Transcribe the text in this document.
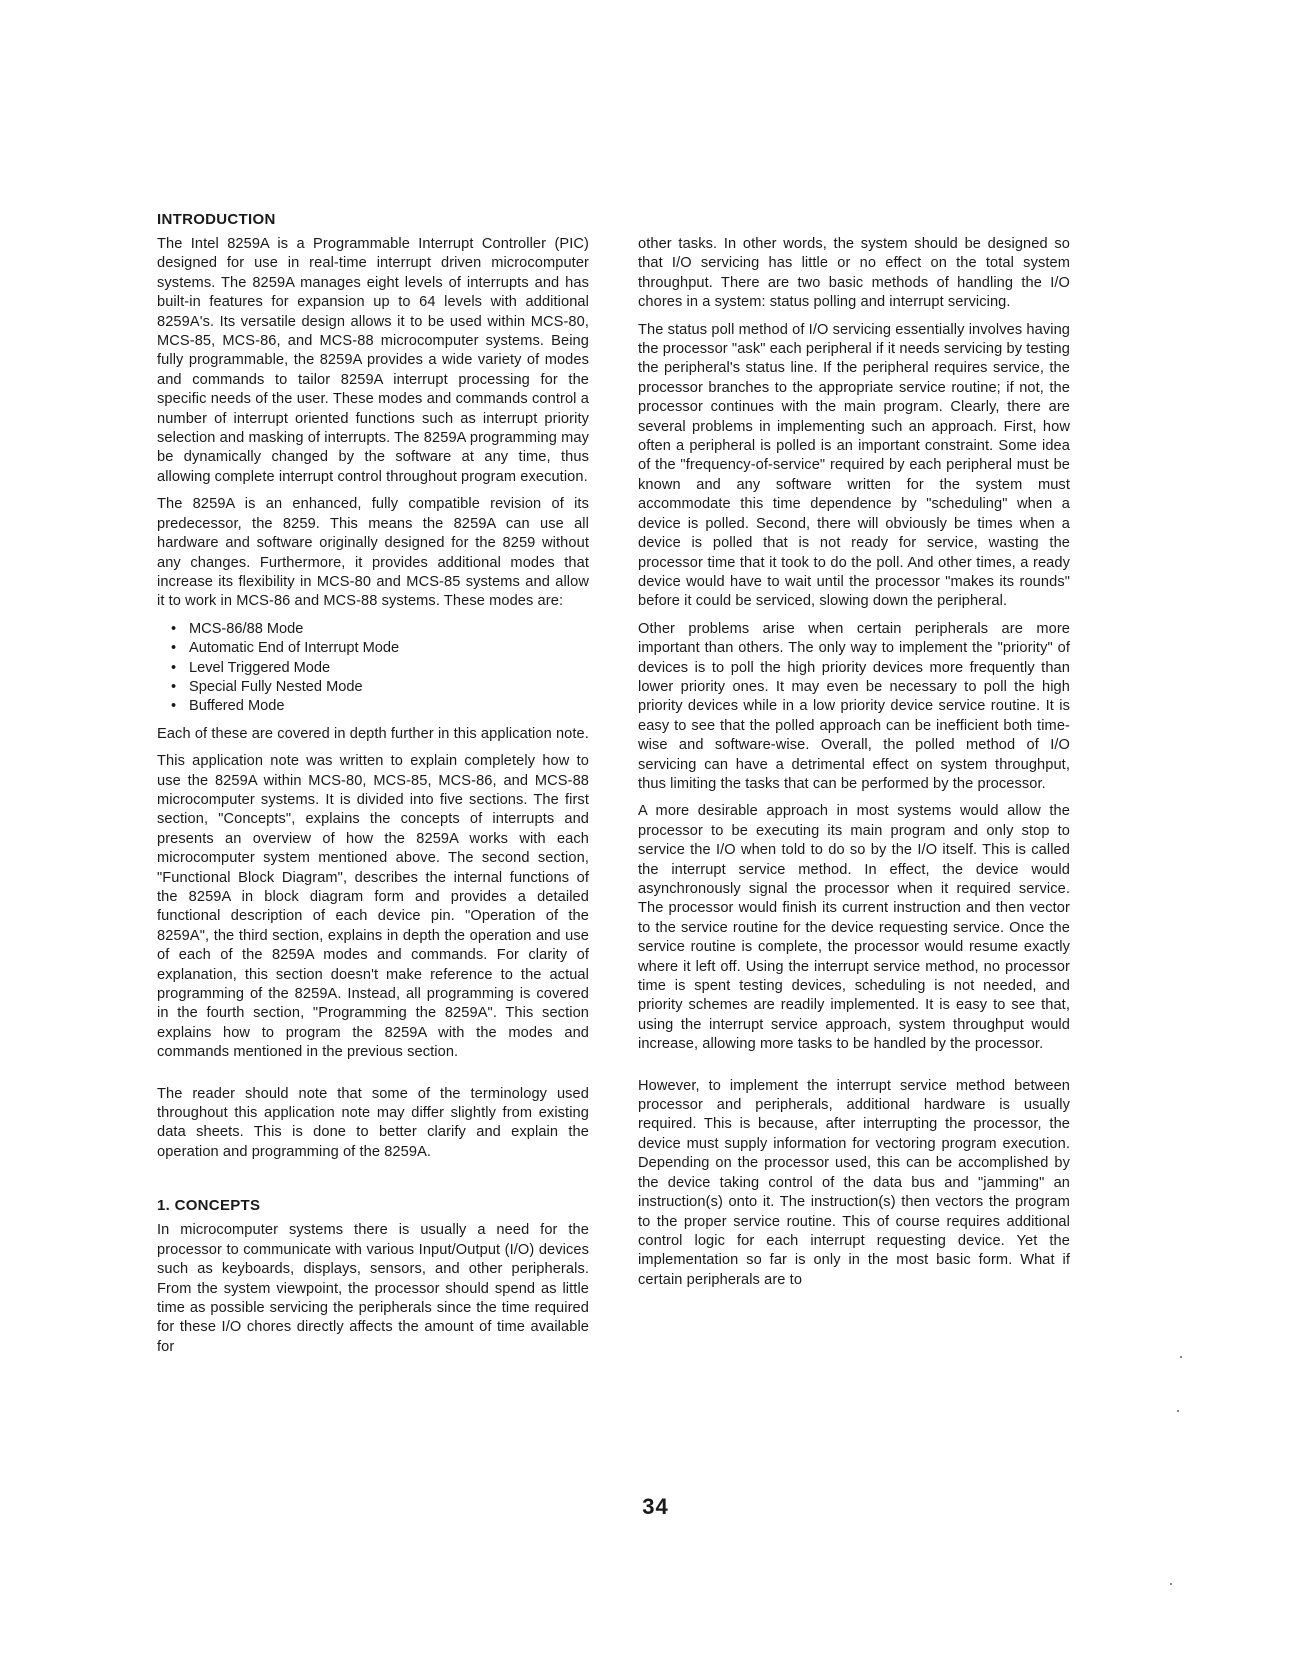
INTRODUCTION

The Intel 8259A is a Programmable Interrupt Controller (PIC) designed for use in real-time interrupt driven microcomputer systems. The 8259A manages eight levels of interrupts and has built-in features for expansion up to 64 levels with additional 8259A's. Its versatile design allows it to be used within MCS-80, MCS-85, MCS-86, and MCS-88 microcomputer systems. Being fully programmable, the 8259A provides a wide variety of modes and commands to tailor 8259A interrupt processing for the specific needs of the user. These modes and commands control a number of interrupt oriented functions such as interrupt priority selection and masking of interrupts. The 8259A programming may be dynamically changed by the software at any time, thus allowing complete interrupt control throughout program execution.

The 8259A is an enhanced, fully compatible revision of its predecessor, the 8259. This means the 8259A can use all hardware and software originally designed for the 8259 without any changes. Furthermore, it provides additional modes that increase its flexibility in MCS-80 and MCS-85 systems and allow it to work in MCS-86 and MCS-88 systems. These modes are:

• MCS-86/88 Mode
• Automatic End of Interrupt Mode
• Level Triggered Mode
• Special Fully Nested Mode
• Buffered Mode

Each of these are covered in depth further in this application note.

This application note was written to explain completely how to use the 8259A within MCS-80, MCS-85, MCS-86, and MCS-88 microcomputer systems. It is divided into five sections. The first section, "Concepts", explains the concepts of interrupts and presents an overview of how the 8259A works with each microcomputer system mentioned above. The second section, "Functional Block Diagram", describes the internal functions of the 8259A in block diagram form and provides a detailed functional description of each device pin. "Operation of the 8259A", the third section, explains in depth the operation and use of each of the 8259A modes and commands. For clarity of explanation, this section doesn't make reference to the actual programming of the 8259A. Instead, all programming is covered in the fourth section, "Programming the 8259A". This section explains how to program the 8259A with the modes and commands mentioned in the previous section.

The reader should note that some of the terminology used throughout this application note may differ slightly from existing data sheets. This is done to better clarify and explain the operation and programming of the 8259A.

1. CONCEPTS

In microcomputer systems there is usually a need for the processor to communicate with various Input/Output (I/O) devices such as keyboards, displays, sensors, and other peripherals. From the system viewpoint, the processor should spend as little time as possible servicing the peripherals since the time required for these I/O chores directly affects the amount of time available for

other tasks. In other words, the system should be designed so that I/O servicing has little or no effect on the total system throughput. There are two basic methods of handling the I/O chores in a system: status polling and interrupt servicing.

The status poll method of I/O servicing essentially involves having the processor "ask" each peripheral if it needs servicing by testing the peripheral's status line. If the peripheral requires service, the processor branches to the appropriate service routine; if not, the processor continues with the main program. Clearly, there are several problems in implementing such an approach. First, how often a peripheral is polled is an important constraint. Some idea of the "frequency-of-service" required by each peripheral must be known and any software written for the system must accommodate this time dependence by "scheduling" when a device is polled. Second, there will obviously be times when a device is polled that is not ready for service, wasting the processor time that it took to do the poll. And other times, a ready device would have to wait until the processor "makes its rounds" before it could be serviced, slowing down the peripheral.

Other problems arise when certain peripherals are more important than others. The only way to implement the "priority" of devices is to poll the high priority devices more frequently than lower priority ones. It may even be necessary to poll the high priority devices while in a low priority device service routine. It is easy to see that the polled approach can be inefficient both time-wise and software-wise. Overall, the polled method of I/O servicing can have a detrimental effect on system throughput, thus limiting the tasks that can be performed by the processor.

A more desirable approach in most systems would allow the processor to be executing its main program and only stop to service the I/O when told to do so by the I/O itself. This is called the interrupt service method. In effect, the device would asynchronously signal the processor when it required service. The processor would finish its current instruction and then vector to the service routine for the device requesting service. Once the service routine is complete, the processor would resume exactly where it left off. Using the interrupt service method, no processor time is spent testing devices, scheduling is not needed, and priority schemes are readily implemented. It is easy to see that, using the interrupt service approach, system throughput would increase, allowing more tasks to be handled by the processor.

However, to implement the interrupt service method between processor and peripherals, additional hardware is usually required. This is because, after interrupting the processor, the device must supply information for vectoring program execution. Depending on the processor used, this can be accomplished by the device taking control of the data bus and "jamming" an instruction(s) onto it. The instruction(s) then vectors the program to the proper service routine. This of course requires additional control logic for each interrupt requesting device. Yet the implementation so far is only in the most basic form. What if certain peripherals are to

34
